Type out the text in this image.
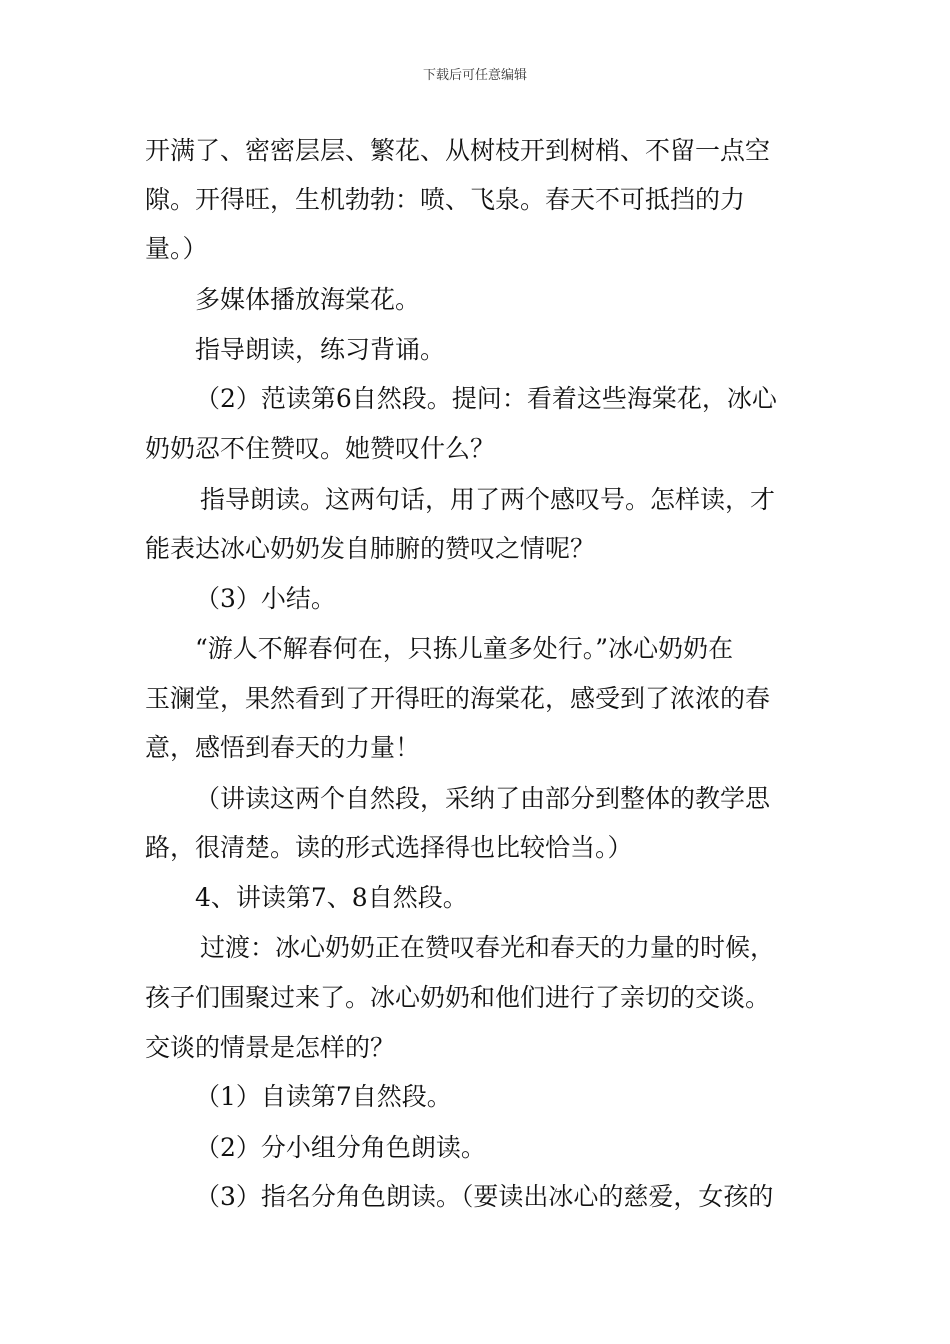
下载后可任意编辑
开满了、密密层层、繁花、从树枝开到树梢、不留一点空
隙。开得旺，生机勃勃：喷、飞泉。春天不可抵挡的力
量。）
多媒体播放海棠花。
指导朗读，练习背诵。
（2）范读第6自然段。提问：看着这些海棠花，冰心
奶奶忍不住赞叹。她赞叹什么？
指导朗读。这两句话，用了两个感叹号。怎样读，才
能表达冰心奶奶发自肺腑的赞叹之情呢？
（3）小结。
“游人不解春何在，只拣儿童多处行。”冰心奶奶在
玉澜堂，果然看到了开得旺的海棠花，感受到了浓浓的春
意，感悟到春天的力量！
（讲读这两个自然段，采纳了由部分到整体的教学思
路，很清楚。读的形式选择得也比较恰当。）
4、讲读第7、8自然段。
过渡：冰心奶奶正在赞叹春光和春天的力量的时候，
孩子们围聚过来了。冰心奶奶和他们进行了亲切的交谈。
交谈的情景是怎样的？
（1）自读第7自然段。
（2）分小组分角色朗读。
（3）指名分角色朗读。（要读出冰心的慈爱，女孩的
